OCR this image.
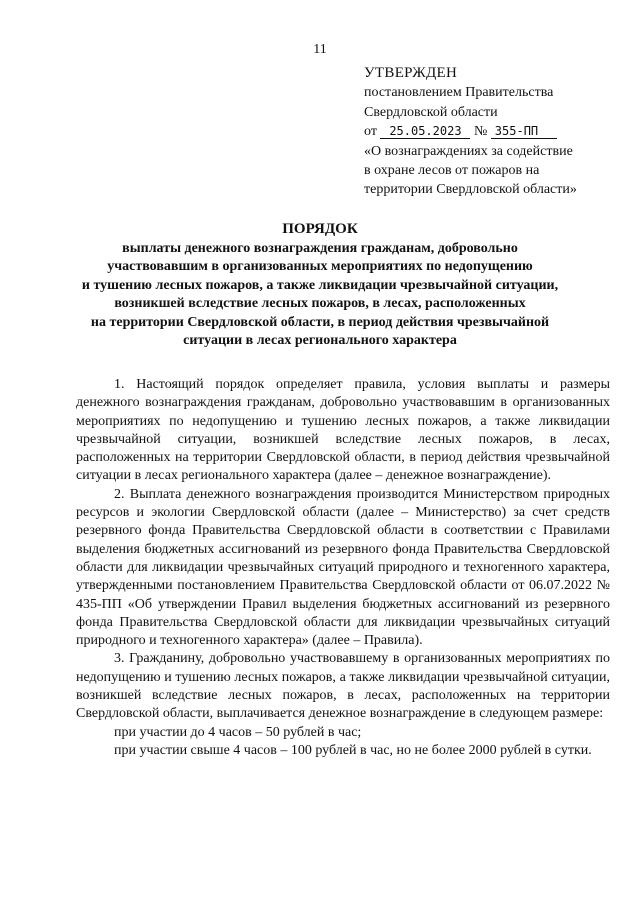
11
УТВЕРЖДЕН
постановлением Правительства
Свердловской области
от 25.05.2023 № 355-ПП
«О вознаграждениях за содействие
в охране лесов от пожаров на
территории Свердловской области»
ПОРЯДОК
выплаты денежного вознаграждения гражданам, добровольно
участвовавшим в организованных мероприятиях по недопущению
и тушению лесных пожаров, а также ликвидации чрезвычайной ситуации,
возникшей вследствие лесных пожаров, в лесах, расположенных
на территории Свердловской области, в период действия чрезвычайной
ситуации в лесах регионального характера

1. Настоящий порядок определяет правила, условия выплаты и размеры денежного вознаграждения гражданам, добровольно участвовавшим в организованных мероприятиях по недопущению и тушению лесных пожаров, а также ликвидации чрезвычайной ситуации, возникшей вследствие лесных пожаров, в лесах, расположенных на территории Свердловской области, в период действия чрезвычайной ситуации в лесах регионального характера (далее – денежное вознаграждение).

2. Выплата денежного вознаграждения производится Министерством природных ресурсов и экологии Свердловской области (далее – Министерство) за счет средств резервного фонда Правительства Свердловской области в соответствии с Правилами выделения бюджетных ассигнований из резервного фонда Правительства Свердловской области для ликвидации чрезвычайных ситуаций природного и техногенного характера, утвержденными постановлением Правительства Свердловской области от 06.07.2022 № 435-ПП «Об утверждении Правил выделения бюджетных ассигнований из резервного фонда Правительства Свердловской области для ликвидации чрезвычайных ситуаций природного и техногенного характера» (далее – Правила).

3. Гражданину, добровольно участвовавшему в организованных мероприятиях по недопущению и тушению лесных пожаров, а также ликвидации чрезвычайной ситуации, возникшей вследствие лесных пожаров, в лесах, расположенных на территории Свердловской области, выплачивается денежное вознаграждение в следующем размере:

при участии до 4 часов – 50 рублей в час;

при участии свыше 4 часов – 100 рублей в час, но не более 2000 рублей в сутки.
